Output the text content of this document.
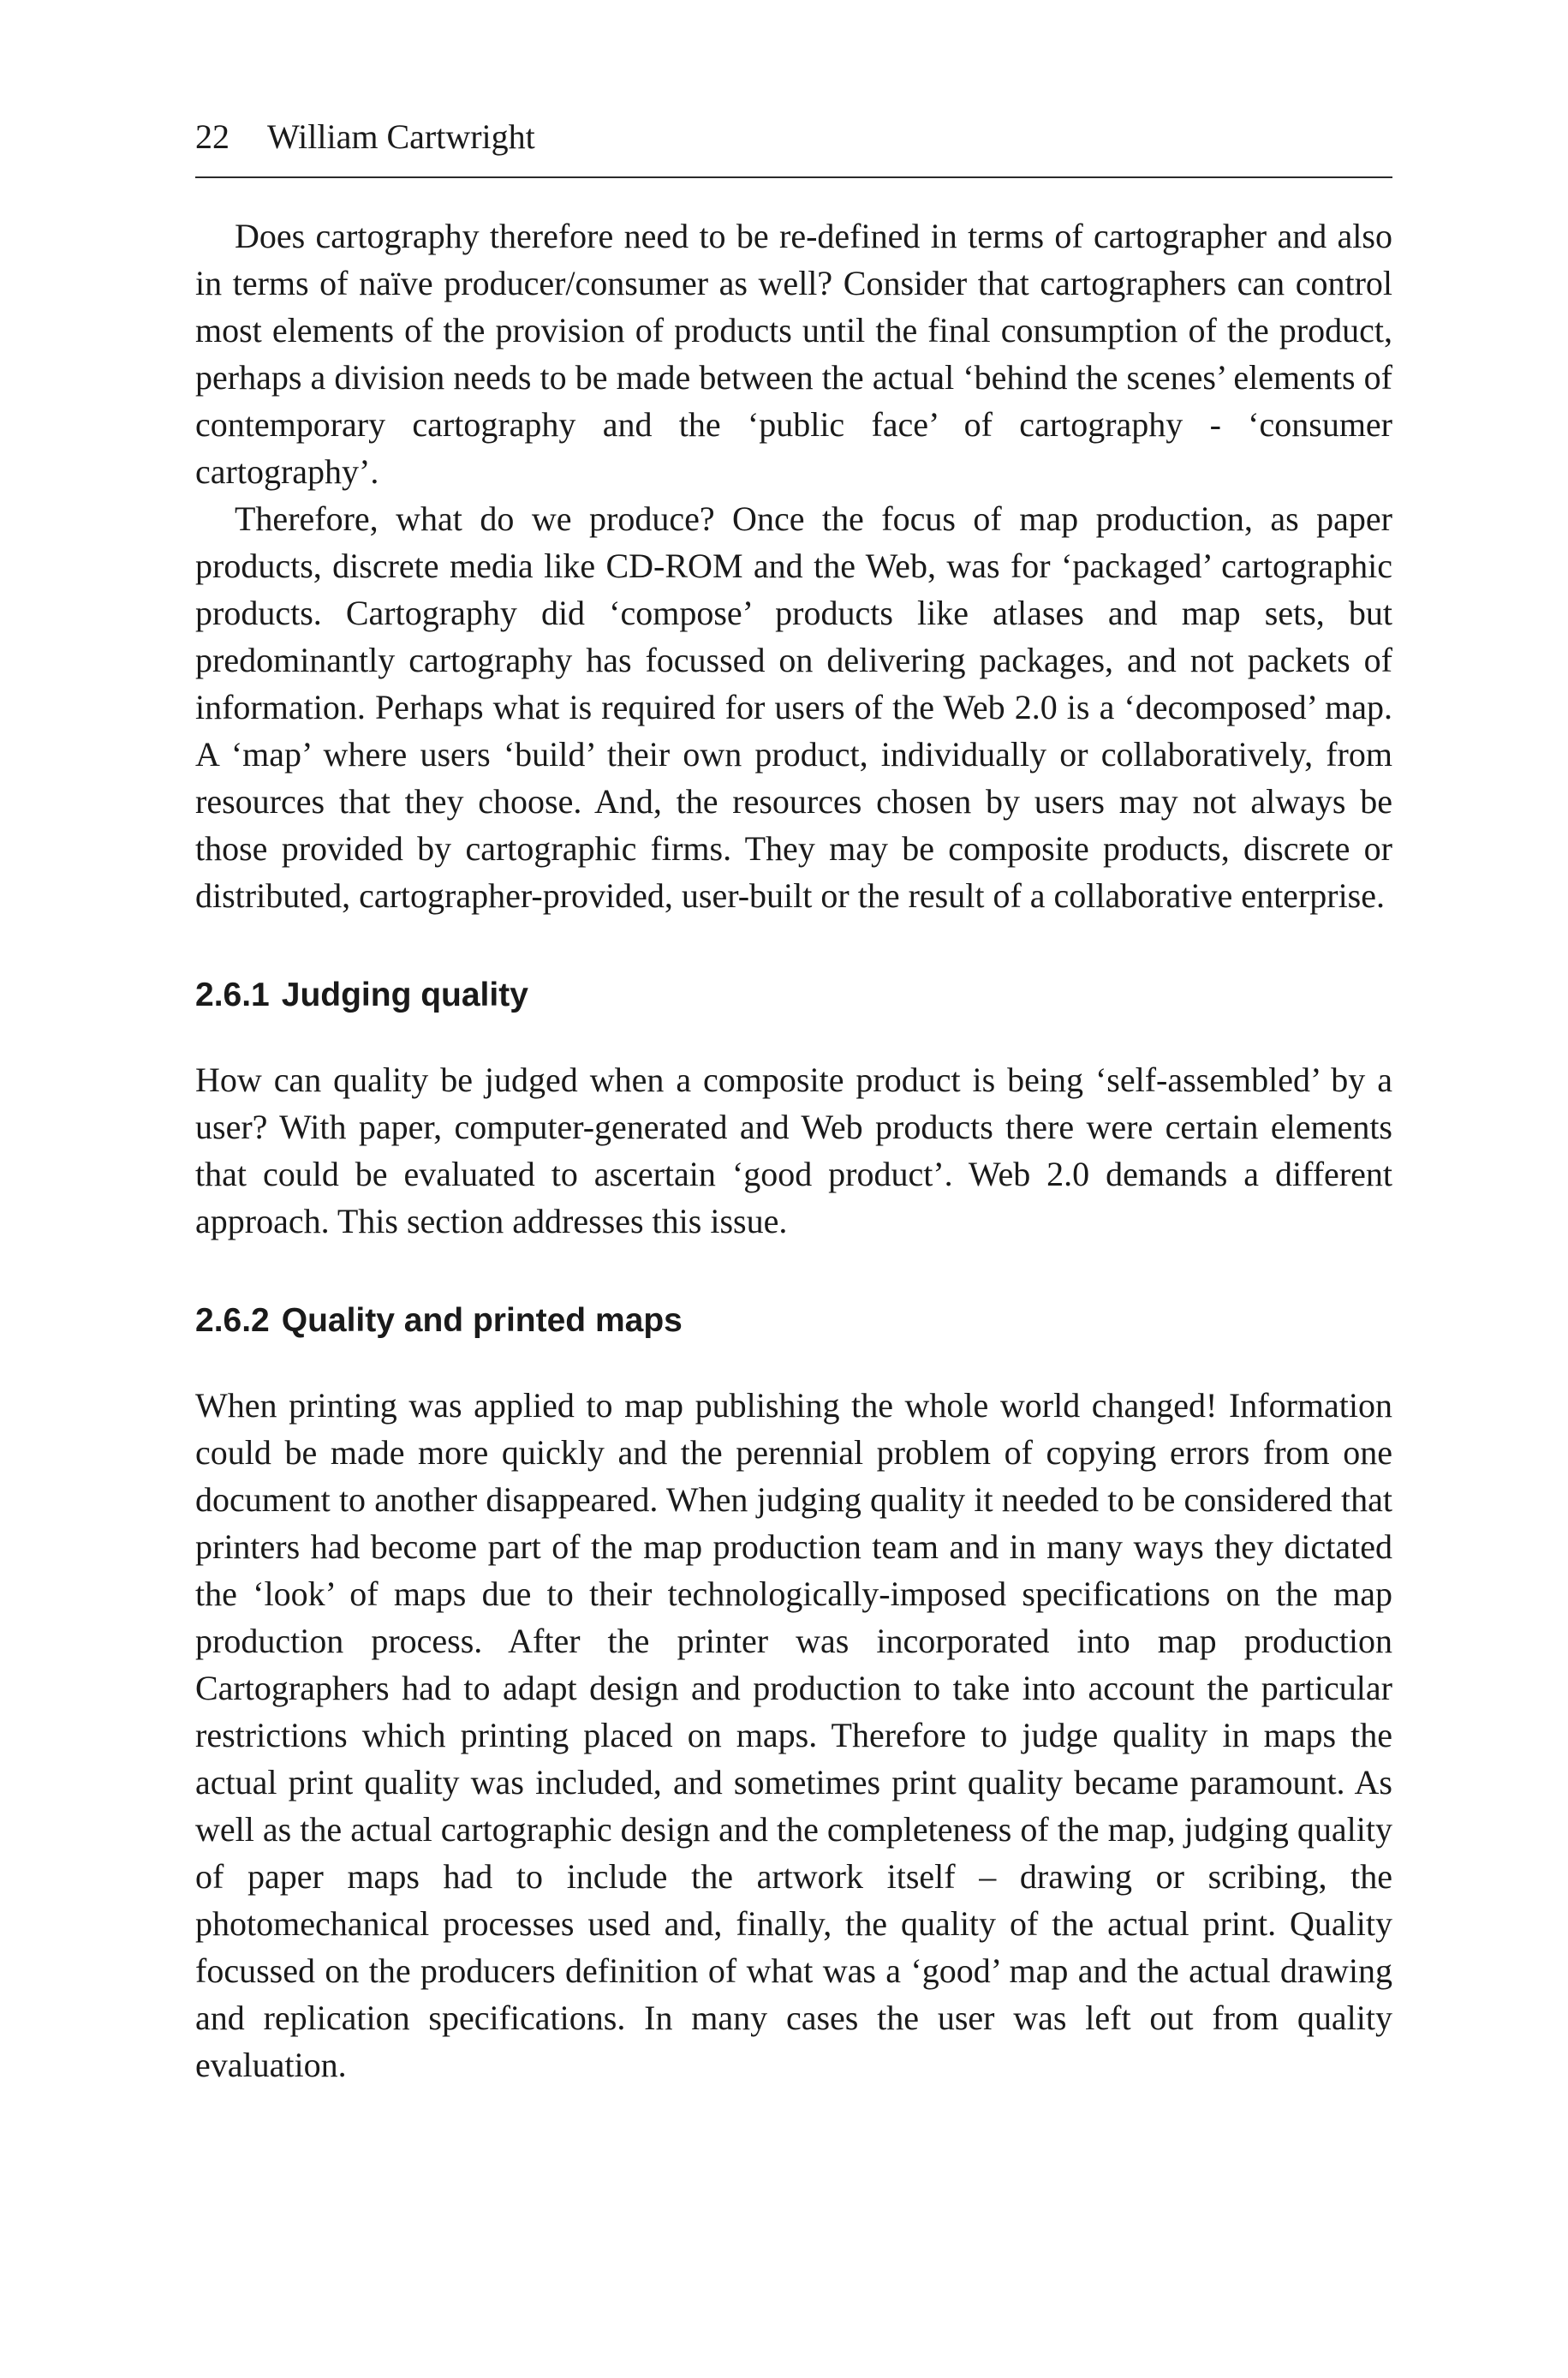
22 William Cartwright

Does cartography therefore need to be re-defined in terms of cartographer and also in terms of naïve producer/consumer as well? Consider that cartographers can control most elements of the provision of products until the final consumption of the product, perhaps a division needs to be made between the actual ‘behind the scenes’ elements of contemporary cartography and the ‘public face’ of cartography - ‘consumer cartography’.

Therefore, what do we produce? Once the focus of map production, as paper products, discrete media like CD-ROM and the Web, was for ‘packaged’ cartographic products. Cartography did ‘compose’ products like atlases and map sets, but predominantly cartography has focussed on delivering packages, and not packets of information. Perhaps what is required for users of the Web 2.0 is a ‘decomposed’ map. A ‘map’ where users ‘build’ their own product, individually or collaboratively, from resources that they choose. And, the resources chosen by users may not always be those provided by cartographic firms. They may be composite products, discrete or distributed, cartographer-provided, user-built or the result of a collaborative enterprise.

2.6.1 Judging quality

How can quality be judged when a composite product is being ‘self-assembled’ by a user? With paper, computer-generated and Web products there were certain elements that could be evaluated to ascertain ‘good product’. Web 2.0 demands a different approach. This section addresses this issue.

2.6.2 Quality and printed maps

When printing was applied to map publishing the whole world changed! Information could be made more quickly and the perennial problem of copying errors from one document to another disappeared. When judging quality it needed to be considered that printers had become part of the map production team and in many ways they dictated the ‘look’ of maps due to their technologically-imposed specifications on the map production process. After the printer was incorporated into map production Cartographers had to adapt design and production to take into account the particular restrictions which printing placed on maps. Therefore to judge quality in maps the actual print quality was included, and sometimes print quality became paramount. As well as the actual cartographic design and the completeness of the map, judging quality of paper maps had to include the artwork itself – drawing or scribing, the photomechanical processes used and, finally, the quality of the actual print. Quality focussed on the producers definition of what was a ‘good’ map and the actual drawing and replication specifications. In many cases the user was left out from quality evaluation.
